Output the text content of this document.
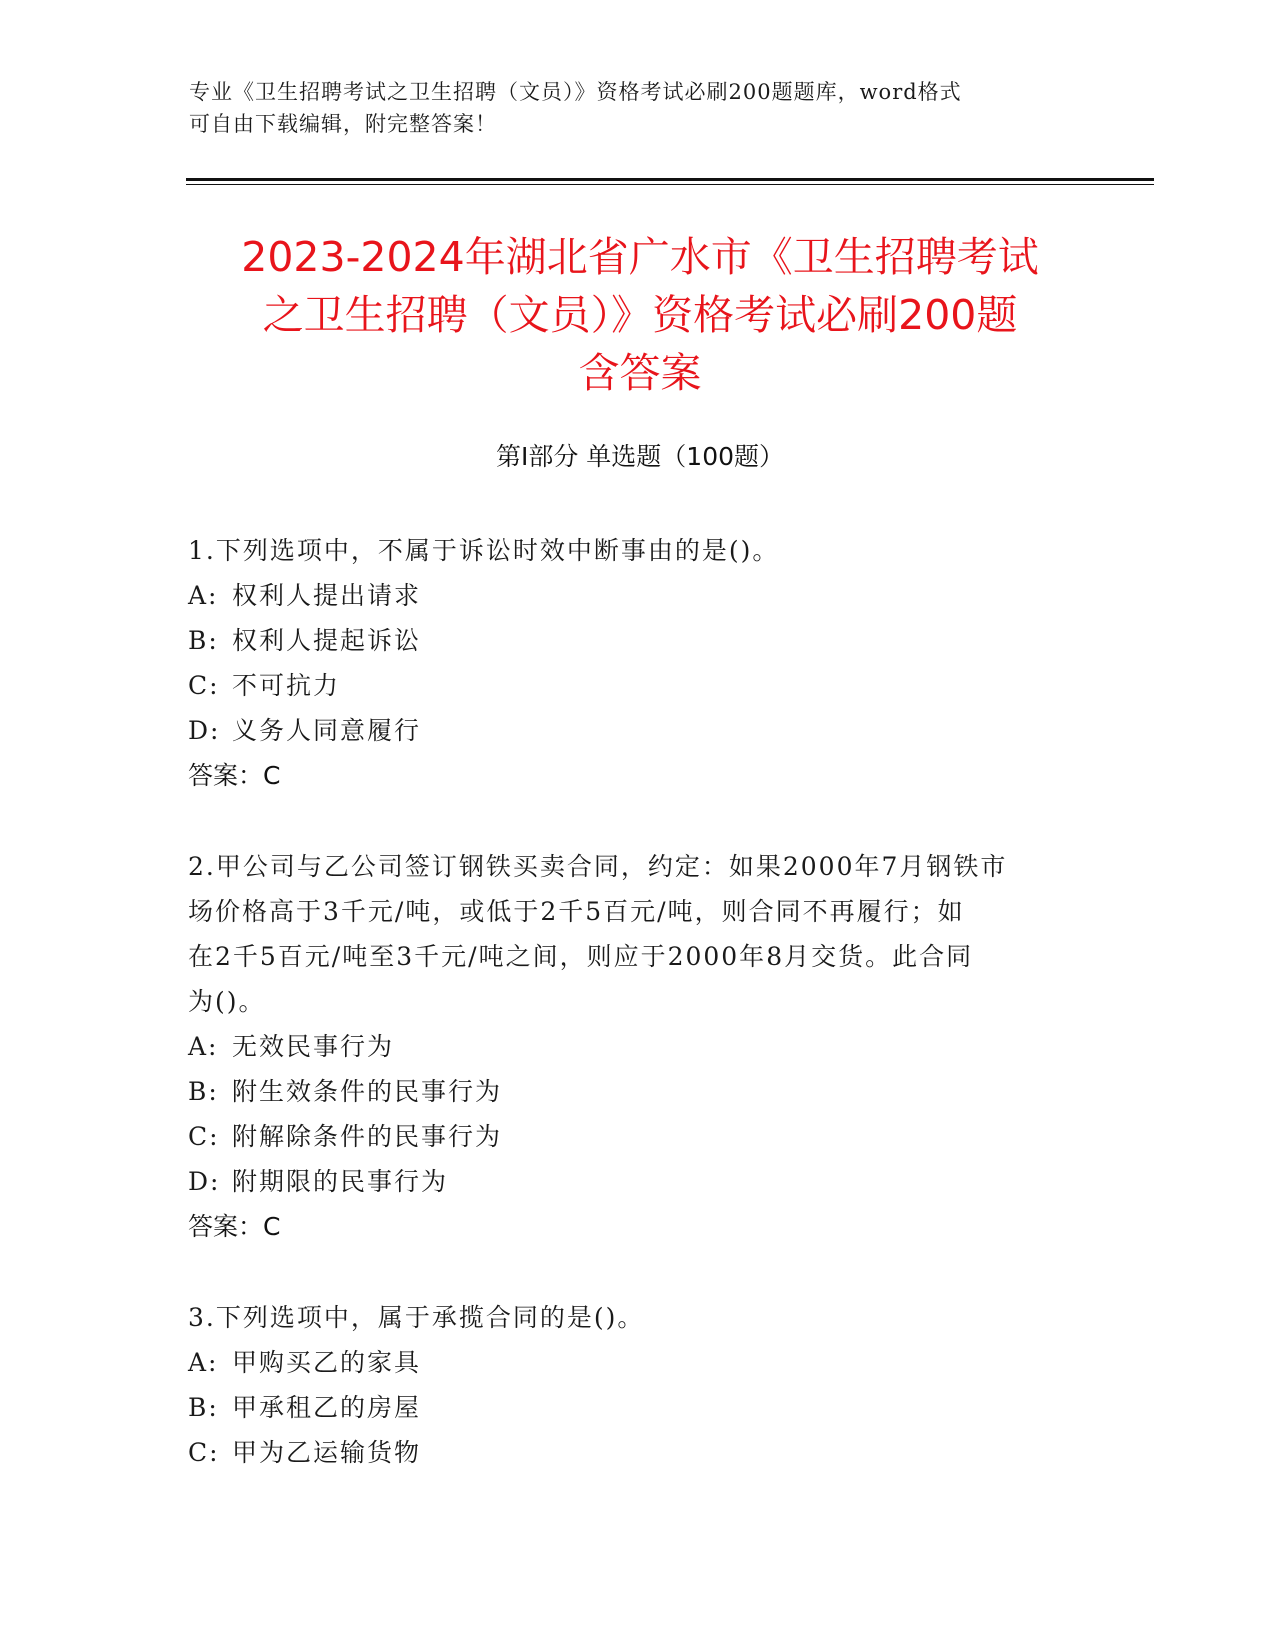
专业《卫生招聘考试之卫生招聘（文员）》资格考试必刷200题题库，word格式
可自由下载编辑，附完整答案！
2023-2024年湖北省广水市《卫生招聘考试
之卫生招聘（文员）》资格考试必刷200题
含答案
第I部分 单选题（100题）

1.下列选项中，不属于诉讼时效中断事由的是()。

A: 权利人提出请求

B: 权利人提起诉讼

C: 不可抗力

D: 义务人同意履行

答案：C

2.甲公司与乙公司签订钢铁买卖合同，约定：如果2000年7月钢铁市

场价格高于3千元/吨，或低于2千5百元/吨，则合同不再履行；如

在2千5百元/吨至3千元/吨之间，则应于2000年8月交货。此合同

为()。

A: 无效民事行为

B: 附生效条件的民事行为

C: 附解除条件的民事行为

D: 附期限的民事行为

答案：C

3.下列选项中，属于承揽合同的是()。

A: 甲购买乙的家具

B: 甲承租乙的房屋

C: 甲为乙运输货物
